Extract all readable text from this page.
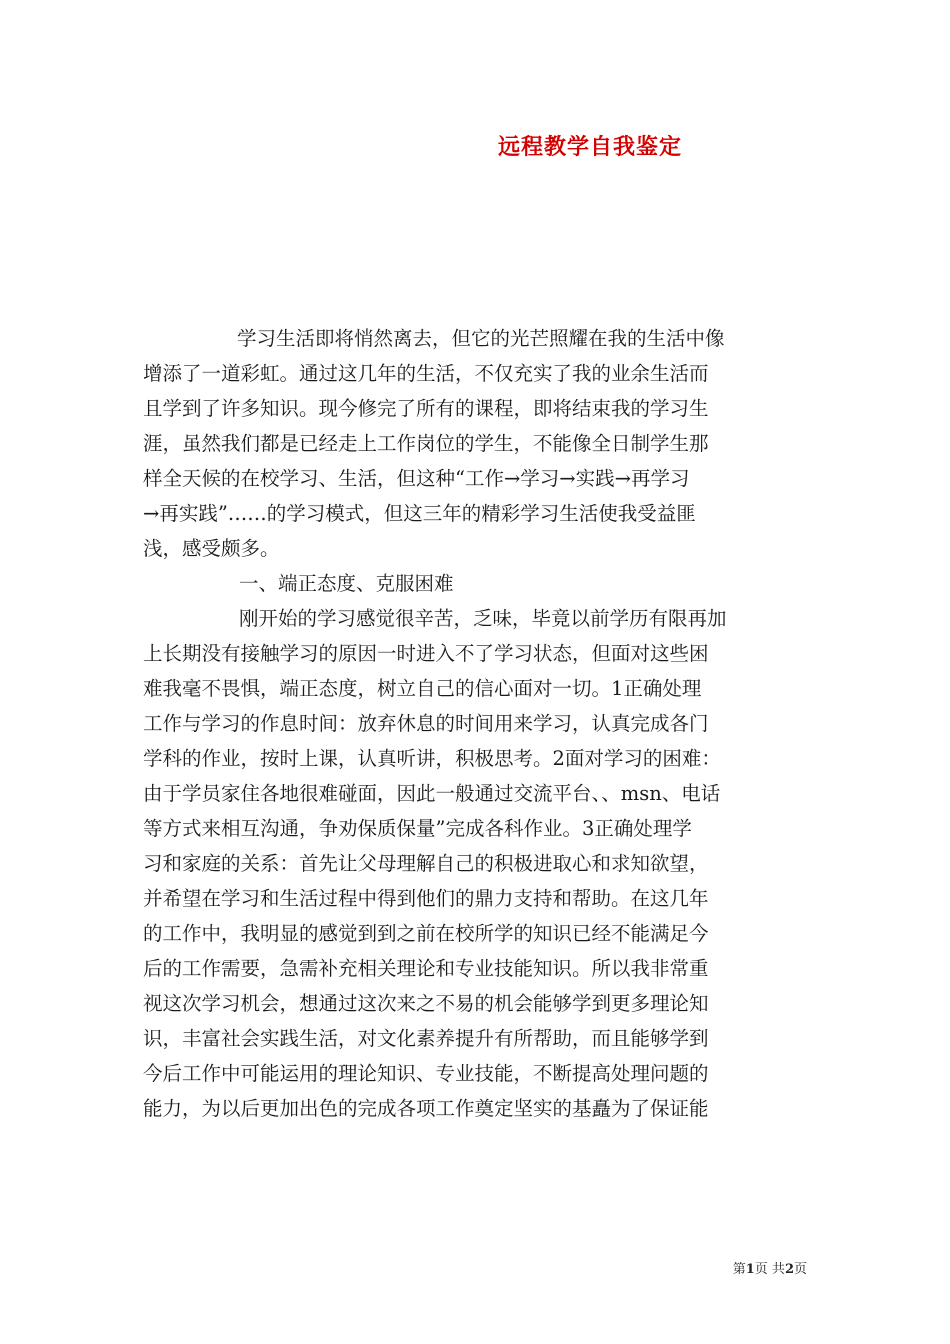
远程教学自我鉴定
学习生活即将悄然离去，但它的光芒照耀在我的生活中像
增添了一道彩虹。通过这几年的生活，不仅充实了我的业余生活而
且学到了许多知识。现今修完了所有的课程，即将结束我的学习生
涯，虽然我们都是已经走上工作岗位的学生，不能像全日制学生那
样全天候的在校学习、生活，但这种“工作→学习→实践→再学习
→再实践”……的学习模式，但这三年的精彩学习生活使我受益匪
浅，感受颇多。
一、端正态度、克服困难
刚开始的学习感觉很辛苦，乏味，毕竟以前学历有限再加
上长期没有接触学习的原因一时进入不了学习状态，但面对这些困
难我毫不畏惧，端正态度，树立自己的信心面对一切。1正确处理
工作与学习的作息时间：放弃休息的时间用来学习，认真完成各门
学科的作业，按时上课，认真听讲，积极思考。2面对学习的困难：
由于学员家住各地很难碰面，因此一般通过交流平台、、msn、电话
等方式来相互沟通，争劝保质保量”完成各科作业。3正确处理学
习和家庭的关系：首先让父母理解自己的积极进取心和求知欲望，
并希望在学习和生活过程中得到他们的鼎力支持和帮助。在这几年
的工作中，我明显的感觉到到之前在校所学的知识已经不能满足今
后的工作需要，急需补充相关理论和专业技能知识。所以我非常重
视这次学习机会，想通过这次来之不易的机会能够学到更多理论知
识，丰富社会实践生活，对文化素养提升有所帮助，而且能够学到
今后工作中可能运用的理论知识、专业技能，不断提高处理问题的
能力，为以后更加出色的完成各项工作奠定坚实的基矗为了保证能
第1页 共2页
